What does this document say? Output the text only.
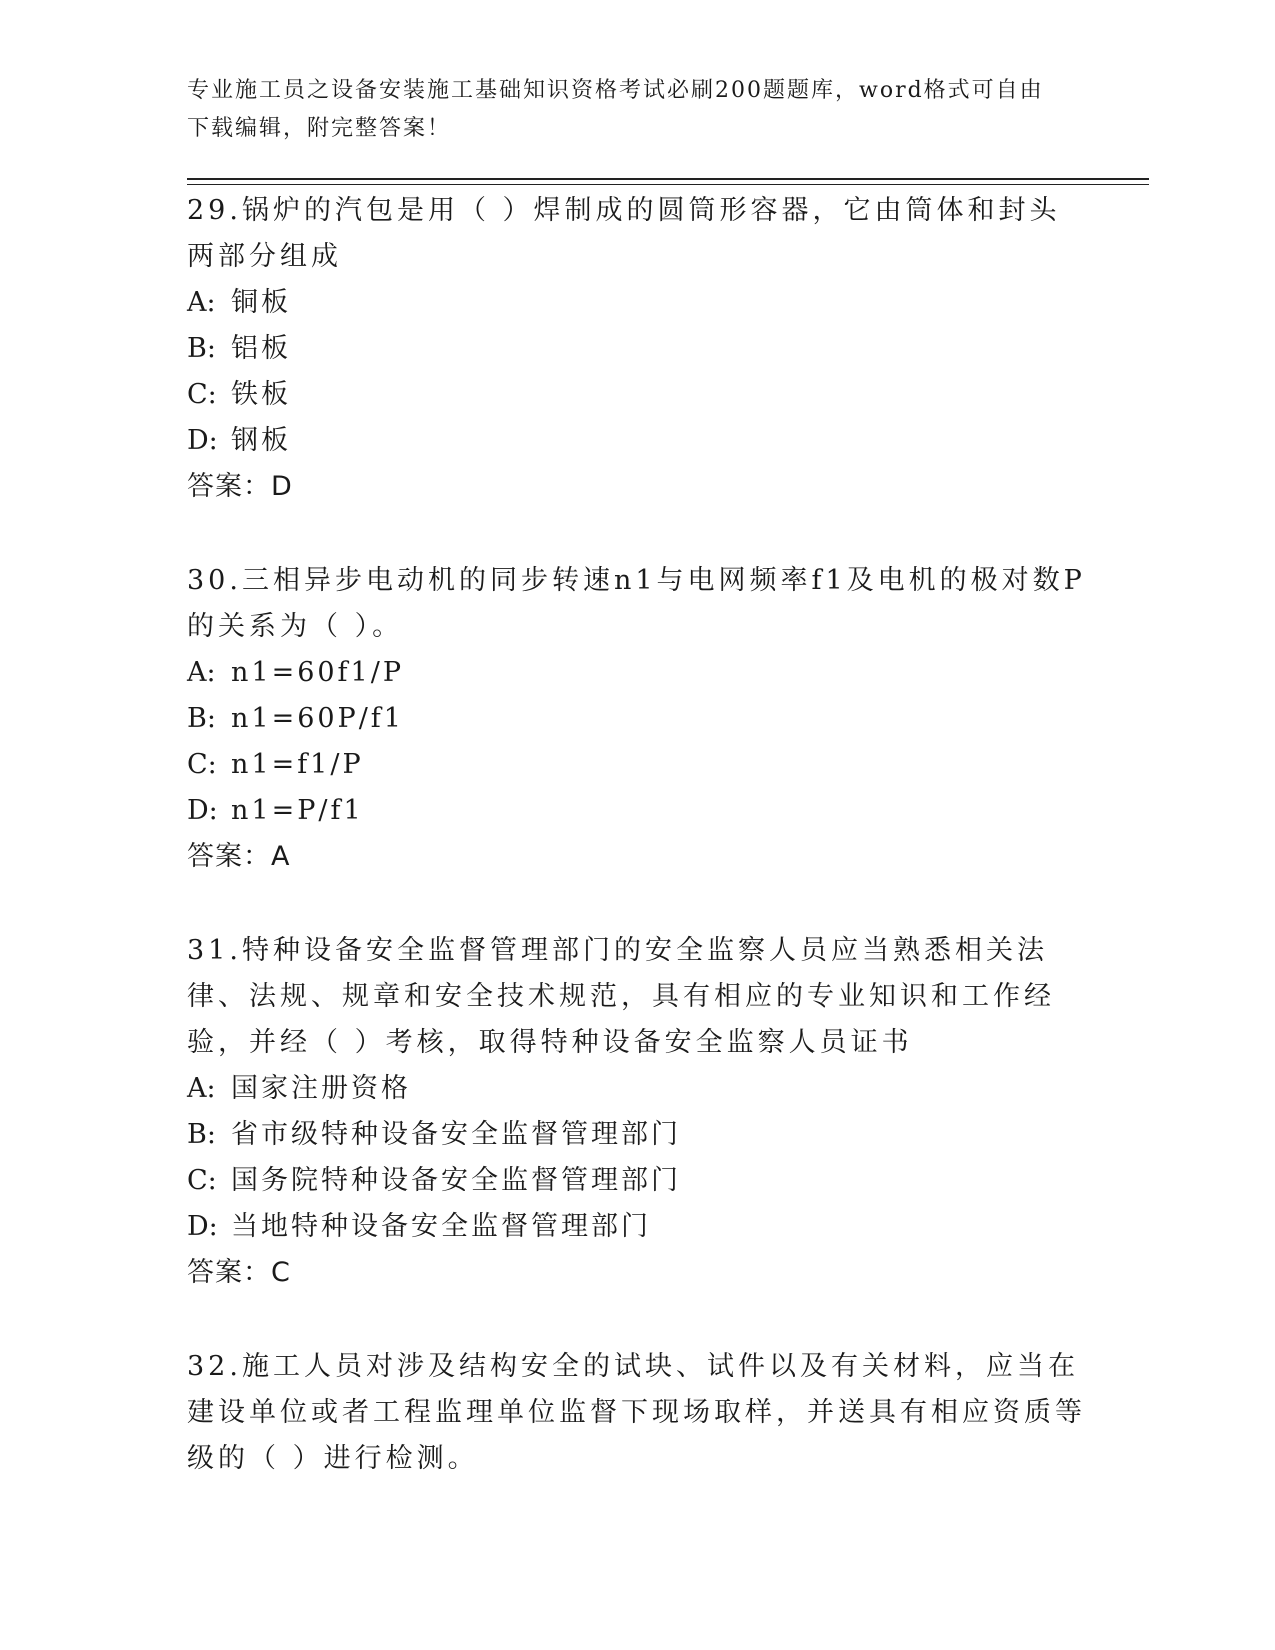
专业施工员之设备安装施工基础知识资格考试必刷200题题库，word格式可自由
下载编辑，附完整答案！

29.锅炉的汽包是用（ ）焊制成的圆筒形容器，它由筒体和封头两部分组成

A: 铜板
B: 铝板
C: 铁板
D: 钢板

答案：D

30.三相异步电动机的同步转速n1与电网频率f1及电机的极对数P的关系为（ ）。

A: n1=60f1/P
B: n1=60P/f1
C: n1=f1/P
D: n1=P/f1

答案：A

31.特种设备安全监督管理部门的安全监察人员应当熟悉相关法律、法规、规章和安全技术规范，具有相应的专业知识和工作经验，并经（ ）考核，取得特种设备安全监察人员证书

A: 国家注册资格
B: 省市级特种设备安全监督管理部门
C: 国务院特种设备安全监督管理部门
D: 当地特种设备安全监督管理部门

答案：C

32.施工人员对涉及结构安全的试块、试件以及有关材料，应当在建设单位或者工程监理单位监督下现场取样，并送具有相应资质等级的（ ）进行检测。
